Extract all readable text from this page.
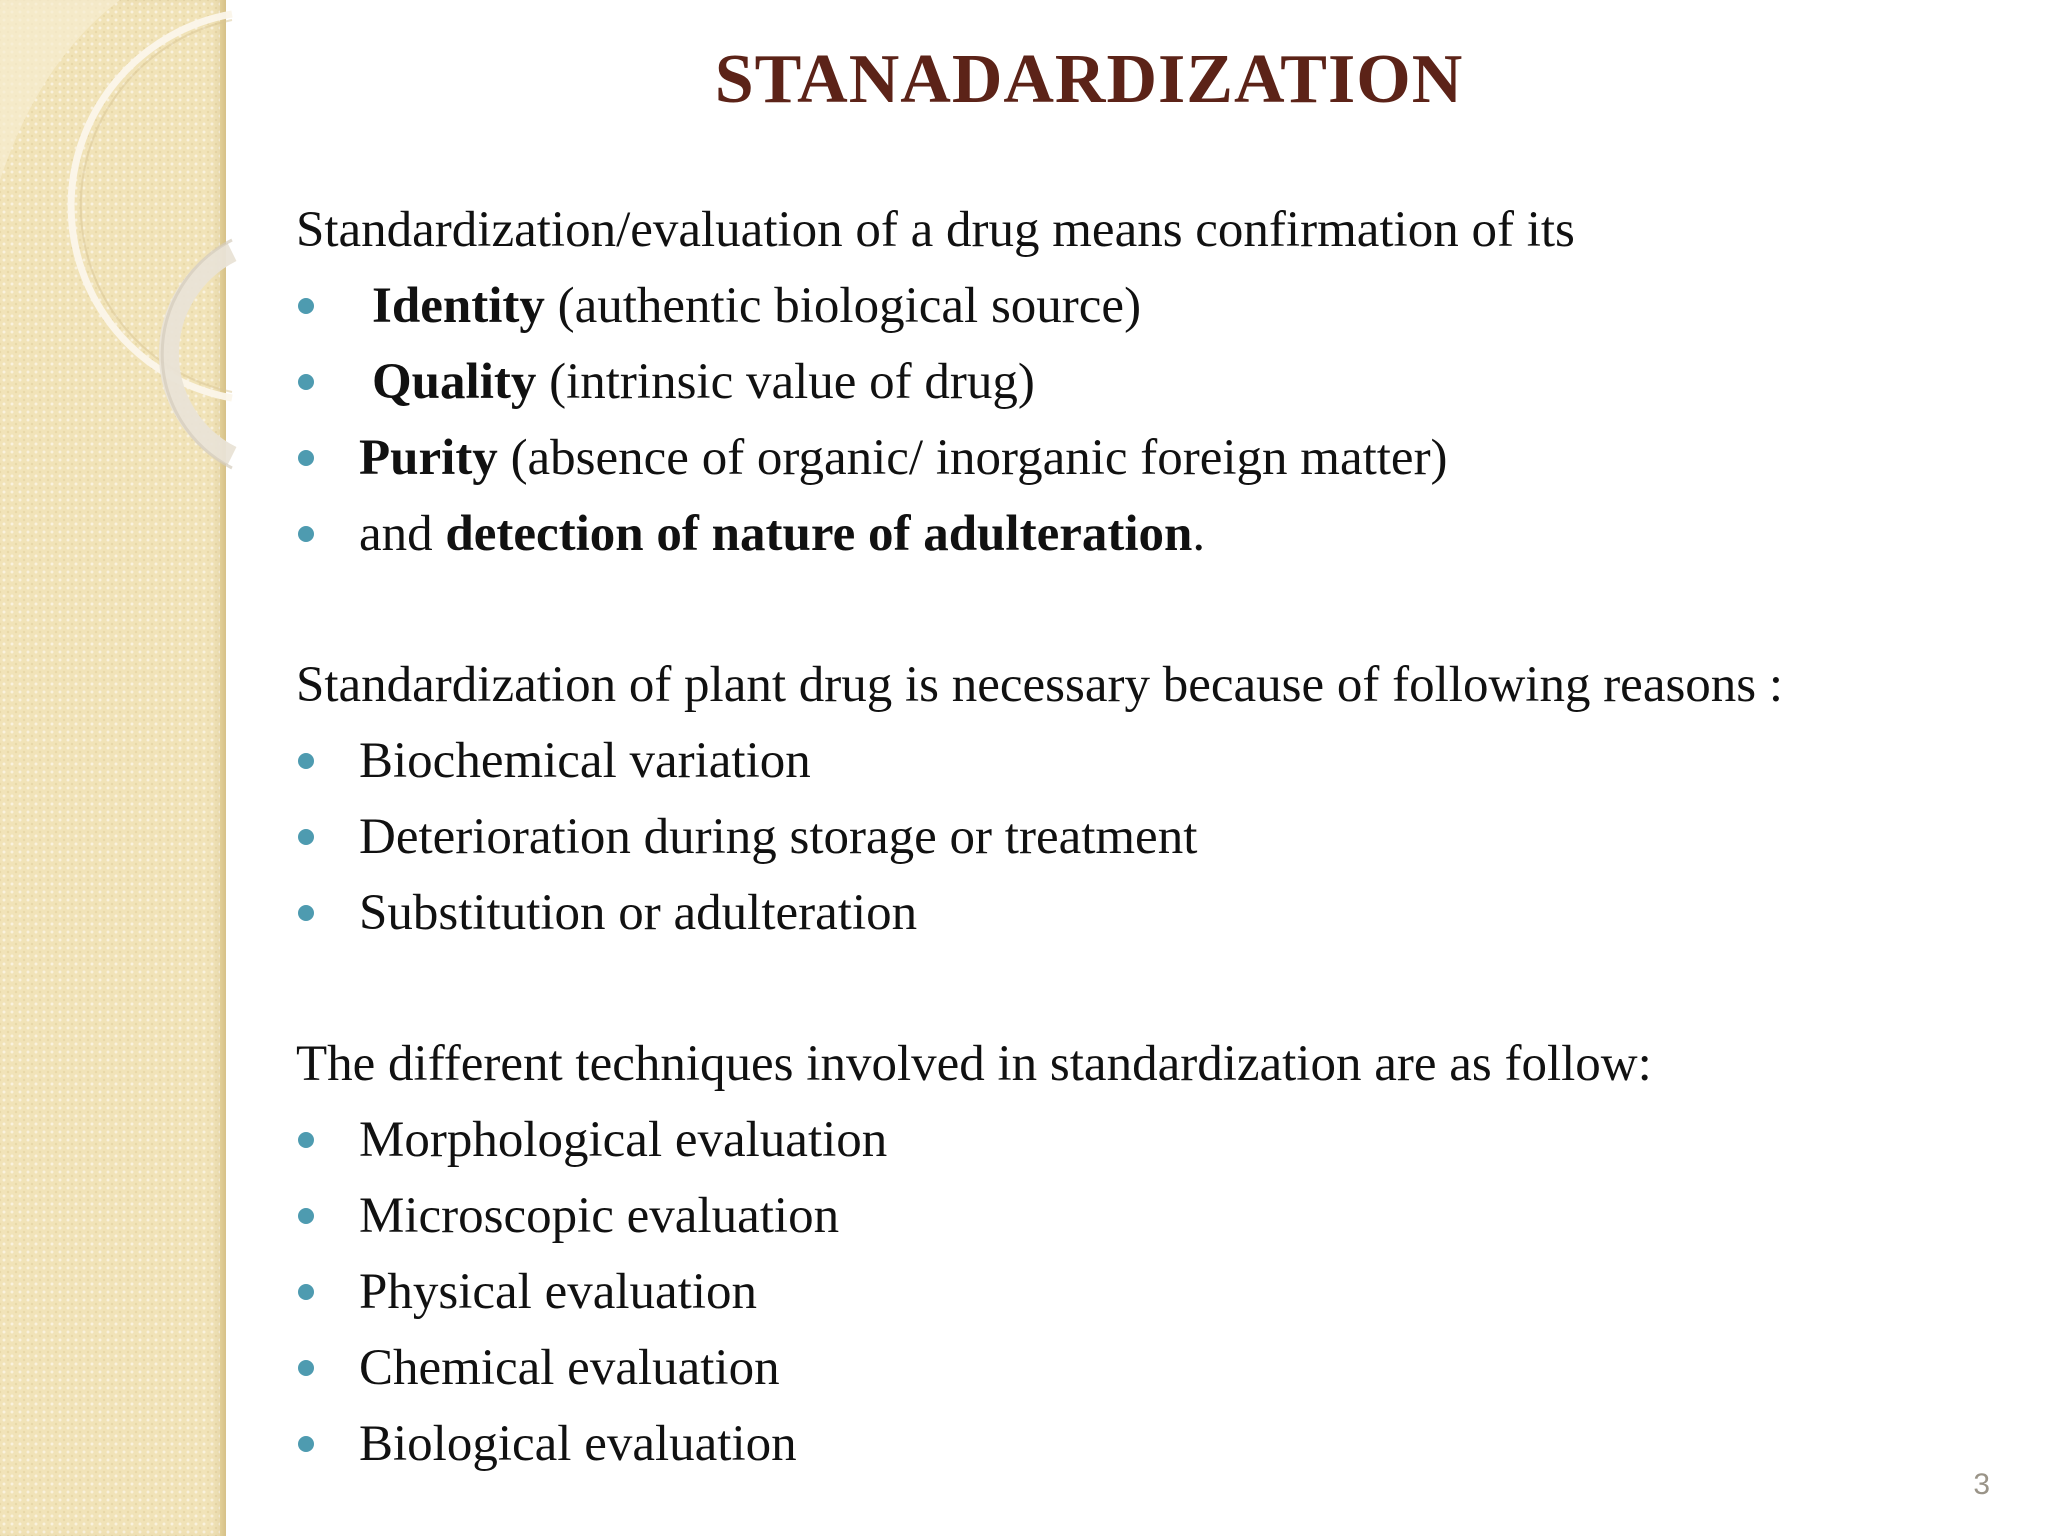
STANADARDIZATION
Standardization/evaluation of a drug means confirmation of its
Identity (authentic biological source)
Quality (intrinsic value of drug)
Purity (absence of organic/ inorganic foreign matter)
and detection of nature of adulteration.
Standardization of plant drug is necessary because of following reasons :
Biochemical variation
Deterioration during storage or treatment
Substitution or adulteration
The different techniques involved in standardization are as follow:
Morphological evaluation
Microscopic evaluation
Physical evaluation
Chemical evaluation
Biological evaluation
3
